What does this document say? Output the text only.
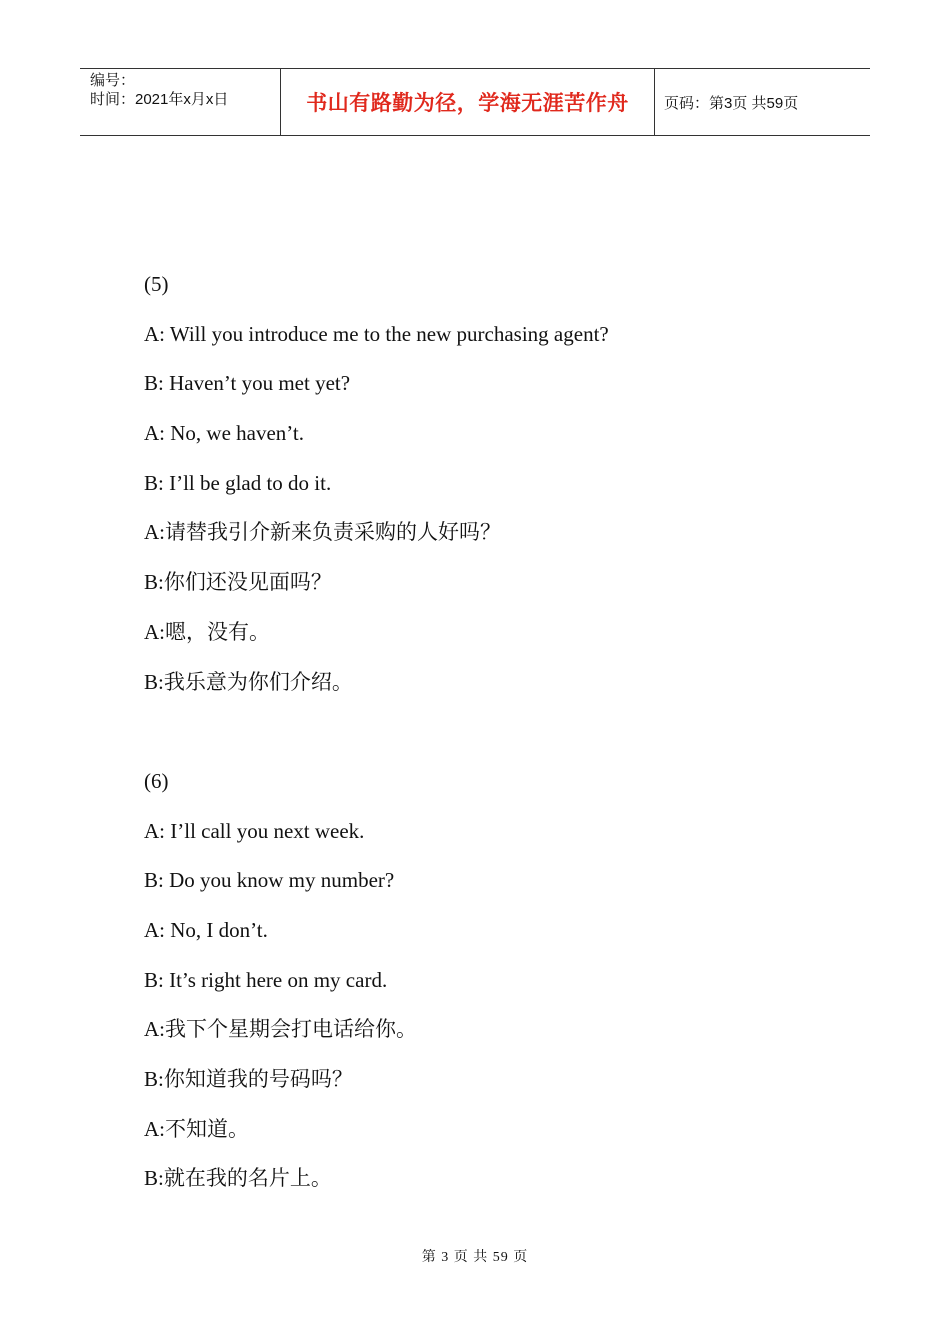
编号：
时间：2021年x月x日	书山有路勤为径，学海无涯苦作舟	页码：第3页 共59页

(5)

A: Will you introduce me to the new purchasing agent?

B: Haven’t you met yet?

A: No, we haven’t.

B: I’ll be glad to do it.

A:请替我引介新来负责采购的人好吗？

B:你们还没见面吗？

A:嗯，没有。

B:我乐意为你们介绍。

(6)

A: I’ll call you next week.

B: Do you know my number?

A: No, I don’t.

B: It’s right here on my card.

A:我下个星期会打电话给你。

B:你知道我的号码吗？

A:不知道。

B:就在我的名片上。

第 3 页 共 59 页
